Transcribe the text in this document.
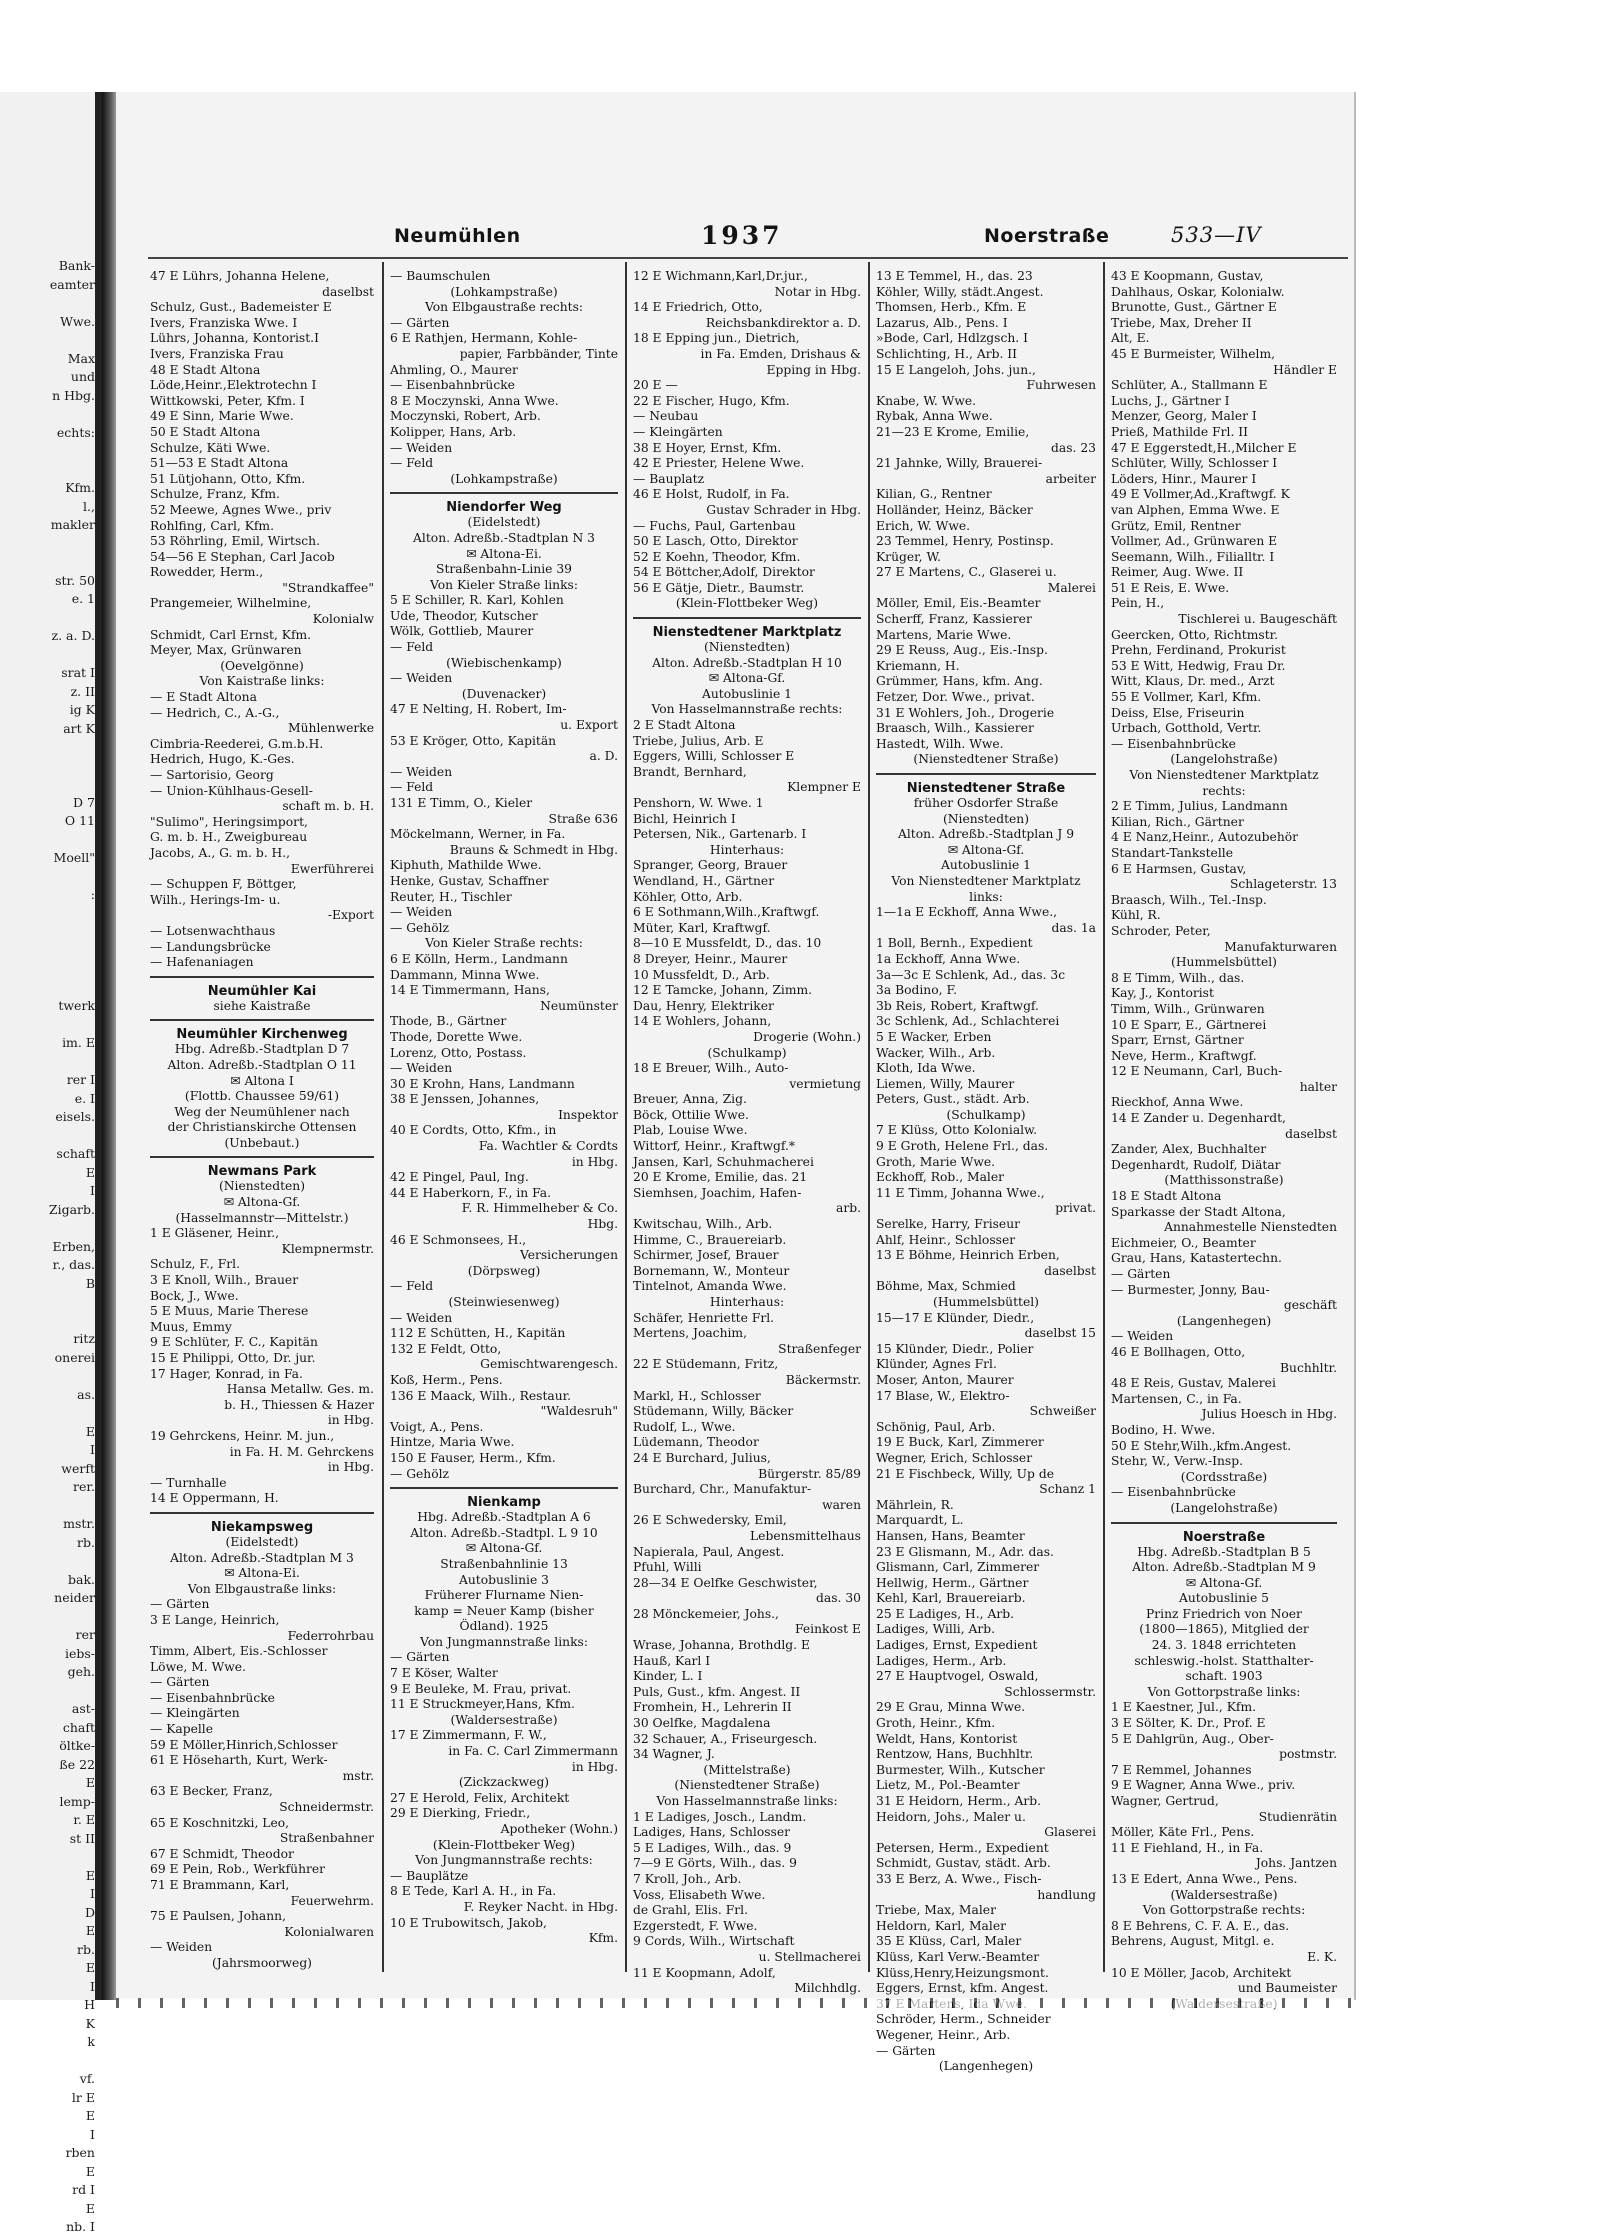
Bank-
eamter
Wwe.
Max
und
n Hbg.
echts:
Kfm.
l.,
makler
str. 50
e. 1
z. a. D.
srat I
z. II
ig K
art K
D 7
O 11
Moell"
:
twerk
im. E
rer I
e. I
eisels.
schaft
E
I
Zigarb.
Erben,
r., das.
B
ritz
onerei
as.
E
I
werft
rer.
mstr.
rb.
bak.
neider
rer
iebs-
geh.
ast-
chaft
öltke-
ße 22
E
lemp-
r. E
st II
E
I
D
E
rb.
E
I
H
K
k
vf.
lr E
E
I
rben
E
rd I
E
nb. I
Neumühlen	1937	Noerstraße	533—IV
47 E Lührs, Johanna Helene,
daselbst
Schulz, Gust., Bademeister E
Ivers, Franziska Wwe. I
Lührs, Johanna, Kontorist.I
Ivers, Franziska Frau
48 E Stadt Altona
Löde,Heinr.,Elektrotechn I
Wittkowski, Peter, Kfm. I
49 E Sinn, Marie Wwe.
50 E Stadt Altona
Schulze, Käti Wwe.
51—53 E Stadt Altona
51 Lütjohann, Otto, Kfm.
Schulze, Franz, Kfm.
52 Meewe, Agnes Wwe., priv
Rohlfing, Carl, Kfm.
53 Röhrling, Emil, Wirtsch.
54—56 E Stephan, Carl Jacob
Rowedder, Herm.,
"Strandkaffee"
Prangemeier, Wilhelmine,
Kolonialw
Schmidt, Carl Ernst, Kfm.
Meyer, Max, Grünwaren
(Oevelgönne)
Von Kaistraße links:
— E Stadt Altona
— Hedrich, C., A.-G.,
Mühlenwerke
Cimbria-Reederei, G.m.b.H.
Hedrich, Hugo, K.-Ges.
— Sartorisio, Georg
— Union-Kühlhaus-Gesell-
schaft m. b. H.
"Sulimo", Heringsimport,
G. m. b. H., Zweigbureau
Jacobs, A., G. m. b. H.,
Ewerführerei
— Schuppen F, Böttger,
Wilh., Herings-Im- u.
-Export
— Lotsenwachthaus
— Landungsbrücke
— Hafenaniagen
Neumühler Kai
siehe Kaistraße
Neumühler Kirchenweg
Hbg. Adreßb.-Stadtplan D 7
Alton. Adreßb.-Stadtplan O 11
✉ Altona I
(Flottb. Chaussee 59/61)
Weg der Neumühlener nach
der Christianskirche Ottensen
(Unbebaut.)
Newmans Park
(Nienstedten)
✉ Altona-Gf.
(Hasselmannstr—Mittelstr.)
1 E Gläsener, Heinr.,
Klempnermstr.
Schulz, F., Frl.
3 E Knoll, Wilh., Brauer
Bock, J., Wwe.
5 E Muus, Marie Therese
Muus, Emmy
9 E Schlüter, F. C., Kapitän
15 E Philippi, Otto, Dr. jur.
17 Hager, Konrad, in Fa.
Hansa Metallw. Ges. m.
b. H., Thiessen & Hazer
in Hbg.
19 Gehrckens, Heinr. M. jun.,
in Fa. H. M. Gehrckens
in Hbg.
— Turnhalle
14 E Oppermann, H.
Niekampsweg
(Eidelstedt)
Alton. Adreßb.-Stadtplan M 3
✉ Altona-Ei.
Von Elbgaustraße links:
— Gärten
3 E Lange, Heinrich,
Federrohrbau
Timm, Albert, Eis.-Schlosser
Löwe, M. Wwe.
— Gärten
— Eisenbahnbrücke
— Kleingärten
— Kapelle
59 E Möller,Hinrich,Schlosser
61 E Höseharth, Kurt, Werk-
mstr.
63 E Becker, Franz,
Schneidermstr.
65 E Koschnitzki, Leo,
Straßenbahner
67 E Schmidt, Theodor
69 E Pein, Rob., Werkführer
71 E Brammann, Karl,
Feuerwehrm.
75 E Paulsen, Johann,
Kolonialwaren
— Weiden
(Jahrsmoorweg)
— Baumschulen
(Lohkampstraße)
Von Elbgaustraße rechts:
— Gärten
6 E Rathjen, Hermann, Kohle-
papier, Farbbänder, Tinte
Ahmling, O., Maurer
— Eisenbahnbrücke
8 E Moczynski, Anna Wwe.
Moczynski, Robert, Arb.
Kolipper, Hans, Arb.
— Weiden
— Feld
(Lohkampstraße)
Niendorfer Weg
(Eidelstedt)
Alton. Adreßb.-Stadtplan N 3
✉ Altona-Ei.
Straßenbahn-Linie 39
Von Kieler Straße links:
5 E Schiller, R. Karl, Kohlen
Ude, Theodor, Kutscher
Wölk, Gottlieb, Maurer
— Feld
(Wiebischenkamp)
— Weiden
(Duvenacker)
47 E Nelting, H. Robert, Im-
u. Export
53 E Kröger, Otto, Kapitän
a. D.
— Weiden
— Feld
131 E Timm, O., Kieler
Straße 636
Möckelmann, Werner, in Fa.
Brauns & Schmedt in Hbg.
Kiphuth, Mathilde Wwe.
Henke, Gustav, Schaffner
Reuter, H., Tischler
— Weiden
— Gehölz
Von Kieler Straße rechts:
6 E Kölln, Herm., Landmann
Dammann, Minna Wwe.
14 E Timmermann, Hans,
Neumünster
Thode, B., Gärtner
Thode, Dorette Wwe.
Lorenz, Otto, Postass.
— Weiden
30 E Krohn, Hans, Landmann
38 E Jenssen, Johannes,
Inspektor
40 E Cordts, Otto, Kfm., in
Fa. Wachtler & Cordts
in Hbg.
42 E Pingel, Paul, Ing.
44 E Haberkorn, F., in Fa.
F. R. Himmelheber & Co.
Hbg.
46 E Schmonsees, H.,
Versicherungen
(Dörpsweg)
— Feld
(Steinwiesenweg)
— Weiden
112 E Schütten, H., Kapitän
132 E Feldt, Otto,
Gemischtwarengesch.
Koß, Herm., Pens.
136 E Maack, Wilh., Restaur.
"Waldesruh"
Voigt, A., Pens.
Hintze, Maria Wwe.
150 E Fauser, Herm., Kfm.
— Gehölz
Nienkamp
Hbg. Adreßb.-Stadtplan A 6
Alton. Adreßb.-Stadtpl. L 9 10
✉ Altona-Gf.
Straßenbahnlinie 13
Autobuslinie 3
Früherer Flurname Nien-
kamp = Neuer Kamp (bisher
Ödland). 1925
Von Jungmannstraße links:
— Gärten
7 E Köser, Walter
9 E Beuleke, M. Frau, privat.
11 E Struckmeyer,Hans, Kfm.
(Waldersestraße)
17 E Zimmermann, F. W.,
in Fa. C. Carl Zimmermann
in Hbg.
(Zickzackweg)
27 E Herold, Felix, Architekt
29 E Dierking, Friedr.,
Apotheker (Wohn.)
(Klein-Flottbeker Weg)
Von Jungmannstraße rechts:
— Bauplätze
8 E Tede, Karl A. H., in Fa.
F. Reyker Nacht. in Hbg.
10 E Trubowitsch, Jakob,
Kfm.
12 E Wichmann,Karl,Dr.jur.,
Notar in Hbg.
14 E Friedrich, Otto,
Reichsbankdirektor a. D.
18 E Epping jun., Dietrich,
in Fa. Emden, Drishaus &
Epping in Hbg.
20 E —
22 E Fischer, Hugo, Kfm.
— Neubau
— Kleingärten
38 E Hoyer, Ernst, Kfm.
42 E Priester, Helene Wwe.
— Bauplatz
46 E Holst, Rudolf, in Fa.
Gustav Schrader in Hbg.
— Fuchs, Paul, Gartenbau
50 E Lasch, Otto, Direktor
52 E Koehn, Theodor, Kfm.
54 E Böttcher,Adolf, Direktor
56 E Gätje, Dietr., Baumstr.
(Klein-Flottbeker Weg)
Nienstedtener Marktplatz
(Nienstedten)
Alton. Adreßb.-Stadtplan H 10
✉ Altona-Gf.
Autobuslinie 1
Von Hasselmannstraße rechts:
2 E Stadt Altona
Triebe, Julius, Arb. E
Eggers, Willi, Schlosser E
Brandt, Bernhard,
Klempner E
Penshorn, W. Wwe. 1
Bichl, Heinrich I
Petersen, Nik., Gartenarb. I
Hinterhaus:
Spranger, Georg, Brauer
Wendland, H., Gärtner
Köhler, Otto, Arb.
6 E Sothmann,Wilh.,Kraftwgf.
Müter, Karl, Kraftwgf.
8—10 E Mussfeldt, D., das. 10
8 Dreyer, Heinr., Maurer
10 Mussfeldt, D., Arb.
12 E Tamcke, Johann, Zimm.
Dau, Henry, Elektriker
14 E Wohlers, Johann,
Drogerie (Wohn.)
(Schulkamp)
18 E Breuer, Wilh., Auto-
vermietung
Breuer, Anna, Zig.
Böck, Ottilie Wwe.
Plab, Louise Wwe.
Wittorf, Heinr., Kraftwgf.*
Jansen, Karl, Schuhmacherei
20 E Krome, Emilie, das. 21
Siemhsen, Joachim, Hafen-
arb.
Kwitschau, Wilh., Arb.
Himme, C., Brauereiarb.
Schirmer, Josef, Brauer
Bornemann, W., Monteur
Tintelnot, Amanda Wwe.
Hinterhaus:
Schäfer, Henriette Frl.
Mertens, Joachim,
Straßenfeger
22 E Stüdemann, Fritz,
Bäckermstr.
Markl, H., Schlosser
Stüdemann, Willy, Bäcker
Rudolf, L., Wwe.
Lüdemann, Theodor
24 E Burchard, Julius,
Bürgerstr. 85/89
Burchard, Chr., Manufaktur-
waren
26 E Schwedersky, Emil,
Lebensmittelhaus
Napierala, Paul, Angest.
Pfuhl, Willi
28—34 E Oelfke Geschwister,
das. 30
28 Mönckemeier, Johs.,
Feinkost E
Wrase, Johanna, Brothdlg. E
Hauß, Karl I
Kinder, L. I
Puls, Gust., kfm. Angest. II
Fromhein, H., Lehrerin II
30 Oelfke, Magdalena
32 Schauer, A., Friseurgesch.
34 Wagner, J.
(Mittelstraße)
(Nienstedtener Straße)
Von Hasselmannstraße links:
1 E Ladiges, Josch., Landm.
Ladiges, Hans, Schlosser
5 E Ladiges, Wilh., das. 9
7—9 E Görts, Wilh., das. 9
7 Kroll, Joh., Arb.
Voss, Elisabeth Wwe.
de Grahl, Elis. Frl.
Ezgerstedt, F. Wwe.
9 Cords, Wilh., Wirtschaft
u. Stellmacherei
11 E Koopmann, Adolf,
Milchhdlg.
13 E Temmel, H., das. 23
Köhler, Willy, städt.Angest.
Thomsen, Herb., Kfm. E
Lazarus, Alb., Pens. I
»Bode, Carl, Hdlzgsch. I
Schlichting, H., Arb. II
15 E Langeloh, Johs. jun.,
Fuhrwesen
Knabe, W. Wwe.
Rybak, Anna Wwe.
21—23 E Krome, Emilie,
das. 23
21 Jahnke, Willy, Brauerei-
arbeiter
Kilian, G., Rentner
Holländer, Heinz, Bäcker
Erich, W. Wwe.
23 Temmel, Henry, Postinsp.
Krüger, W.
27 E Martens, C., Glaserei u.
Malerei
Möller, Emil, Eis.-Beamter
Scherff, Franz, Kassierer
Martens, Marie Wwe.
29 E Reuss, Aug., Eis.-Insp.
Kriemann, H.
Grümmer, Hans, kfm. Ang.
Fetzer, Dor. Wwe., privat.
31 E Wohlers, Joh., Drogerie
Braasch, Wilh., Kassierer
Hastedt, Wilh. Wwe.
(Nienstedtener Straße)
Nienstedtener Straße
früher Osdorfer Straße
(Nienstedten)
Alton. Adreßb.-Stadtplan J 9
✉ Altona-Gf.
Autobuslinie 1
Von Nienstedtener Marktplatz
links:
1—1a E Eckhoff, Anna Wwe.,
das. 1a
1 Boll, Bernh., Expedient
1a Eckhoff, Anna Wwe.
3a—3c E Schlenk, Ad., das. 3c
3a Bodino, F.
3b Reis, Robert, Kraftwgf.
3c Schlenk, Ad., Schlachterei
5 E Wacker, Erben
Wacker, Wilh., Arb.
Kloth, Ida Wwe.
Liemen, Willy, Maurer
Peters, Gust., städt. Arb.
(Schulkamp)
7 E Klüss, Otto Kolonialw.
9 E Groth, Helene Frl., das.
Groth, Marie Wwe.
Eckhoff, Rob., Maler
11 E Timm, Johanna Wwe.,
privat.
Serelke, Harry, Friseur
Ahlf, Heinr., Schlosser
13 E Böhme, Heinrich Erben,
daselbst
Böhme, Max, Schmied
(Hummelsbüttel)
15—17 E Klünder, Diedr.,
daselbst 15
15 Klünder, Diedr., Polier
Klünder, Agnes Frl.
Moser, Anton, Maurer
17 Blase, W., Elektro-
Schweißer
Schönig, Paul, Arb.
19 E Buck, Karl, Zimmerer
Wegner, Erich, Schlosser
21 E Fischbeck, Willy, Up de
Schanz 1
Mährlein, R.
Marquardt, L.
Hansen, Hans, Beamter
23 E Glismann, M., Adr. das.
Glismann, Carl, Zimmerer
Hellwig, Herm., Gärtner
Kehl, Karl, Brauereiarb.
25 E Ladiges, H., Arb.
Ladiges, Willi, Arb.
Ladiges, Ernst, Expedient
Ladiges, Herm., Arb.
27 E Hauptvogel, Oswald,
Schlossermstr.
29 E Grau, Minna Wwe.
Groth, Heinr., Kfm.
Weldt, Hans, Kontorist
Rentzow, Hans, Buchhltr.
Burmester, Wilh., Kutscher
Lietz, M., Pol.-Beamter
31 E Heidorn, Herm., Arb.
Heidorn, Johs., Maler u.
Glaserei
Petersen, Herm., Expedient
Schmidt, Gustav, städt. Arb.
33 E Berz, A. Wwe., Fisch-
handlung
Triebe, Max, Maler
Heldorn, Karl, Maler
35 E Klüss, Carl, Maler
Klüss, Karl Verw.-Beamter
Klüss,Henry,Heizungsmont.
Eggers, Ernst, kfm. Angest.
Schröder, Herm., Schneider
Wegener, Heinr., Arb.
— Gärten
(Langenhegen)
43 E Koopmann, Gustav,
Dahlhaus, Oskar, Kolonialw.
Brunotte, Gust., Gärtner E
Triebe, Max, Dreher II
Alt, E.
45 E Burmeister, Wilhelm,
Händler E
Schlüter, A., Stallmann E
Luchs, J., Gärtner I
Menzer, Georg, Maler I
Prieß, Mathilde Frl. II
47 E Eggerstedt,H.,Milcher E
Schlüter, Willy, Schlosser I
Löders, Hinr., Maurer I
49 E Vollmer,Ad.,Kraftwgf. K
van Alphen, Emma Wwe. E
Grütz, Emil, Rentner
Vollmer, Ad., Grünwaren E
Seemann, Wilh., Filialltr. I
Reimer, Aug. Wwe. II
51 E Reis, E. Wwe.
Pein, H.,
Tischlerei u. Baugeschäft
Geercken, Otto, Richtmstr.
Prehn, Ferdinand, Prokurist
53 E Witt, Hedwig, Frau Dr.
Witt, Klaus, Dr. med., Arzt
55 E Vollmer, Karl, Kfm.
Deiss, Else, Friseurin
Urbach, Gotthold, Vertr.
— Eisenbahnbrücke
(Langelohstraße)
Von Nienstedtener Marktplatz
rechts:
2 E Timm, Julius, Landmann
Kilian, Rich., Gärtner
4 E Nanz,Heinr., Autozubehör
Standart-Tankstelle
6 E Harmsen, Gustav,
Schlageterstr. 13
Braasch, Wilh., Tel.-Insp.
Kühl, R.
Schroder, Peter,
Manufakturwaren
(Hummelsbüttel)
8 E Timm, Wilh., das.
Kay, J., Kontorist
Timm, Wilh., Grünwaren
10 E Sparr, E., Gärtnerei
Sparr, Ernst, Gärtner
Neve, Herm., Kraftwgf.
12 E Neumann, Carl, Buch-
halter
Rieckhof, Anna Wwe.
14 E Zander u. Degenhardt,
daselbst
Zander, Alex, Buchhalter
Degenhardt, Rudolf, Diätar
(Matthissonstraße)
18 E Stadt Altona
Sparkasse der Stadt Altona,
Annahmestelle Nienstedten
Eichmeier, O., Beamter
Grau, Hans, Katastertechn.
— Gärten
— Burmester, Jonny, Bau-
geschäft
(Langenhegen)
— Weiden
46 E Bollhagen, Otto,
Buchhltr.
48 E Reis, Gustav, Malerei
Martensen, C., in Fa.
Julius Hoesch in Hbg.
Bodino, H. Wwe.
50 E Stehr,Wilh.,kfm.Angest.
Stehr, W., Verw.-Insp.
(Cordsstraße)
— Eisenbahnbrücke
(Langelohstraße)
Noerstraße
Hbg. Adreßb.-Stadtplan B 5
Alton. Adreßb.-Stadtplan M 9
✉ Altona-Gf.
Autobuslinie 5
Prinz Friedrich von Noer
(1800—1865), Mitglied der
24. 3. 1848 errichteten
schleswig.-holst. Statthalter-
schaft. 1903
Von Gottorpstraße links:
1 E Kaestner, Jul., Kfm.
3 E Sölter, K. Dr., Prof. E
5 E Dahlgrün, Aug., Ober-
postmstr.
7 E Remmel, Johannes
9 E Wagner, Anna Wwe., priv.
Wagner, Gertrud,
Studienrätin
Möller, Käte Frl., Pens.
11 E Fiehland, H., in Fa.
Johs. Jantzen
13 E Edert, Anna Wwe., Pens.
(Waldersestraße)
Von Gottorpstraße rechts:
8 E Behrens, C. F. A. E., das.
Behrens, August, Mitgl. e.
E. K.
10 E Möller, Jacob, Architekt
und Baumeister
